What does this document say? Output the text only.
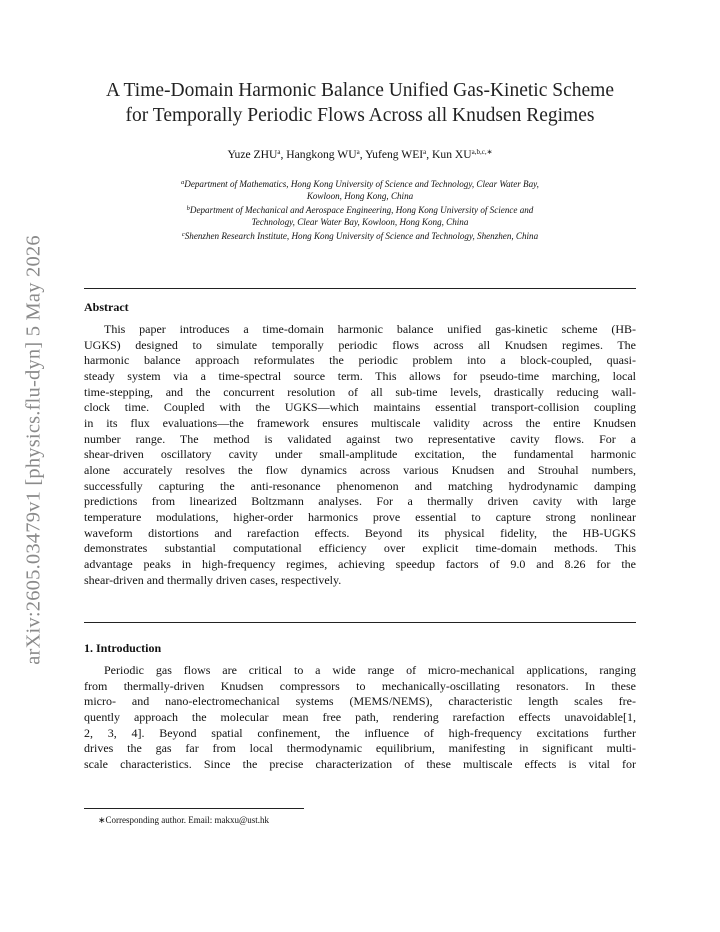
arXiv:2605.03479v1 [physics.flu-dyn] 5 May 2026
A Time-Domain Harmonic Balance Unified Gas-Kinetic Scheme
for Temporally Periodic Flows Across all Knudsen Regimes
Yuze ZHU$^a$, Hangkong $WU^a$, Yufeng WEI$^a$, Kun $XU^{a,b,c,∗}$
$^a$Department of Mathematics, Hong Kong University of Science and Technology, Clear Water Bay,
Kowloon, Hong Kong, China
$^b$Department of Mechanical and Aerospace Engineering, Hong Kong University of Science and
Technology, Clear Water Bay, Kowloon, Hong Kong, China
$^c$Shenzhen Research Institute, Hong Kong University of Science and Technology, Shenzhen, China
Abstract
This paper introduces a time-domain harmonic balance unified gas-kinetic scheme (HB-
UGKS) designed to simulate temporally periodic flows across all Knudsen regimes. The
harmonic balance approach reformulates the periodic problem into a block-coupled, quasi-
steady system via a time-spectral source term. This allows for pseudo-time marching, local
time-stepping, and the concurrent resolution of all sub-time levels, drastically reducing wall-
clock time. Coupled with the UGKS—which maintains essential transport-collision coupling
in its flux evaluations—the framework ensures multiscale validity across the entire Knudsen
number range. The method is validated against two representative cavity flows. For a
shear-driven oscillatory cavity under small-amplitude excitation, the fundamental harmonic
alone accurately resolves the flow dynamics across various Knudsen and Strouhal numbers,
successfully capturing the anti-resonance phenomenon and matching hydrodynamic damping
predictions from linearized Boltzmann analyses. For a thermally driven cavity with large
temperature modulations, higher-order harmonics prove essential to capture strong nonlinear
waveform distortions and rarefaction effects. Beyond its physical fidelity, the HB-UGKS
demonstrates substantial computational efficiency over explicit time-domain methods. This
advantage peaks in high-frequency regimes, achieving speedup factors of 9.0 and 8.26 for the
shear-driven and thermally driven cases, respectively.
1. Introduction
Periodic gas flows are critical to a wide range of micro-mechanical applications, ranging
from thermally-driven Knudsen compressors to mechanically-oscillating resonators. In these
micro- and nano-electromechanical systems (MEMS/NEMS), characteristic length scales fre-
quently approach the molecular mean free path, rendering rarefaction effects unavoidable[1,
2, 3, 4]. Beyond spatial confinement, the influence of high-frequency excitations further
drives the gas far from local thermodynamic equilibrium, manifesting in significant multi-
scale characteristics. Since the precise characterization of these multiscale effects is vital for
∗Corresponding author. Email: makxu@ust.hk
